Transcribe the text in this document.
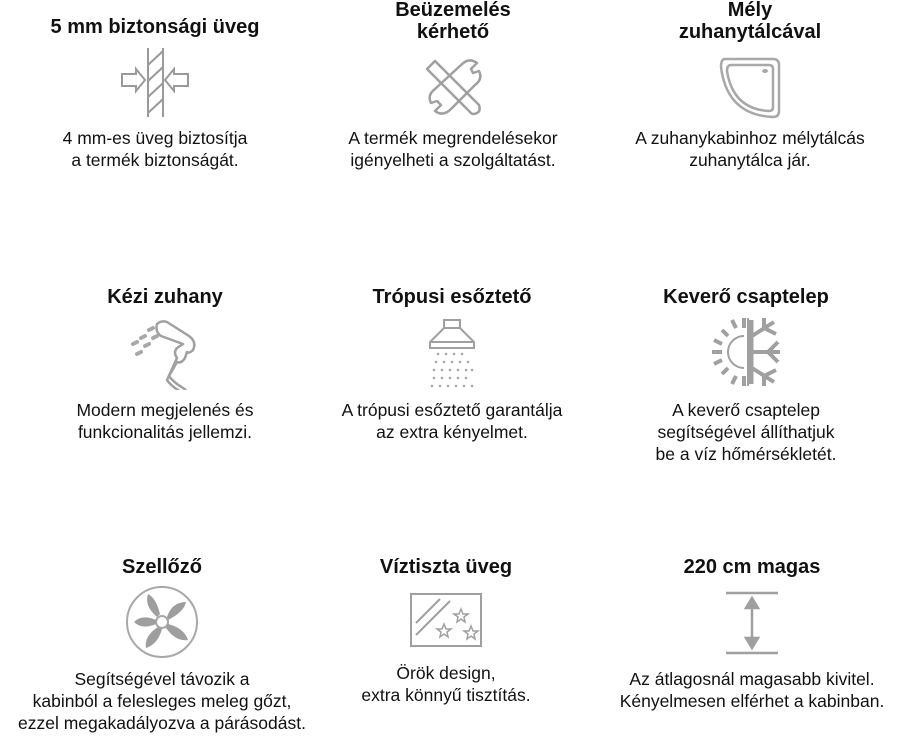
5 mm biztonsági üveg
4 mm-es üveg biztosítja
a termék biztonságát.
Beüzemelés
kérhető
A termék megrendelésekor
igényelheti a szolgáltatást.
Mély
zuhanytálcával
A zuhanykabinhoz mélytálcás
zuhanytálca jár.
Kézi zuhany
Modern megjelenés és
funkcionalitás jellemzi.
Trópusi esőztető
A trópusi esőztető garantálja
az extra kényelmet.
Keverő csaptelep
A keverő csaptelep
segítségével állíthatjuk
be a víz hőmérsékletét.
Szellőző
Segítségével távozik a
kabinból a felesleges meleg gőzt,
ezzel megakadályozva a párásodást.
Víztiszta üveg
Örök design,
extra könnyű tisztítás.
220 cm magas
Az átlagosnál magasabb kivitel.
Kényelmesen elférhet a kabinban.
